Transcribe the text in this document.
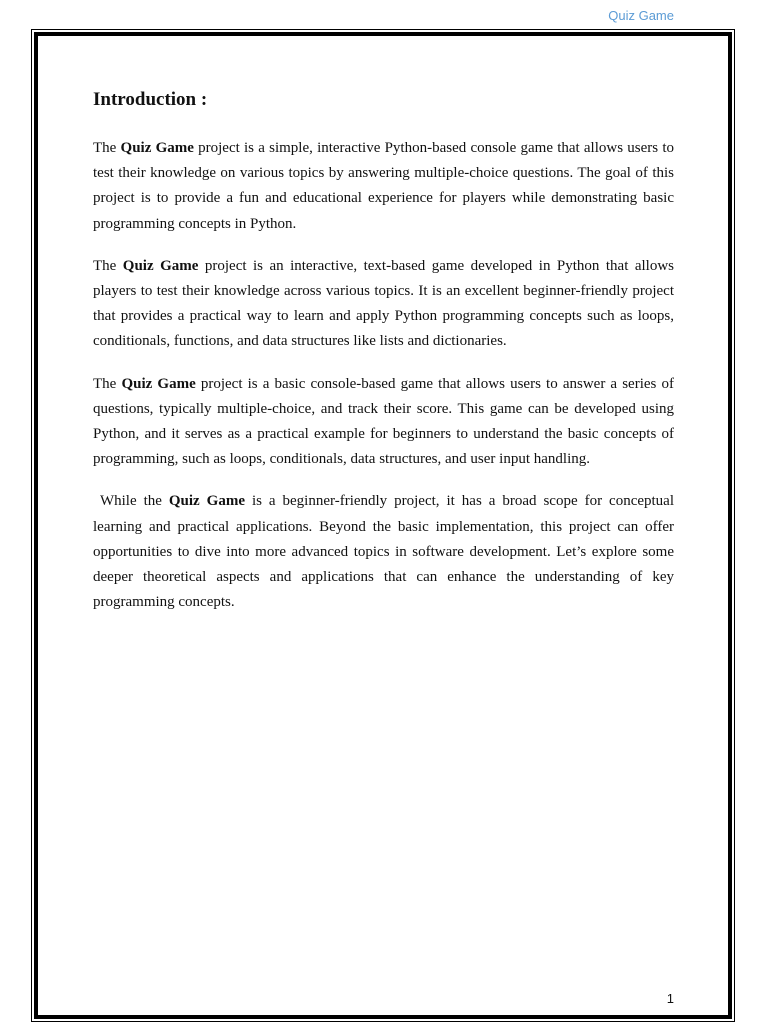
Quiz Game
Introduction :

The Quiz Game project is a simple, interactive Python-based console game that allows users to test their knowledge on various topics by answering multiple-choice questions. The goal of this project is to provide a fun and educational experience for players while demonstrating basic programming concepts in Python.

The Quiz Game project is an interactive, text-based game developed in Python that allows players to test their knowledge across various topics. It is an excellent beginner-friendly project that provides a practical way to learn and apply Python programming concepts such as loops, conditionals, functions, and data structures like lists and dictionaries.

The Quiz Game project is a basic console-based game that allows users to answer a series of questions, typically multiple-choice, and track their score. This game can be developed using Python, and it serves as a practical example for beginners to understand the basic concepts of programming, such as loops, conditionals, data structures, and user input handling.

While the Quiz Game is a beginner-friendly project, it has a broad scope for conceptual learning and practical applications. Beyond the basic implementation, this project can offer opportunities to dive into more advanced topics in software development. Let’s explore some deeper theoretical aspects and applications that can enhance the understanding of key programming concepts.

1
